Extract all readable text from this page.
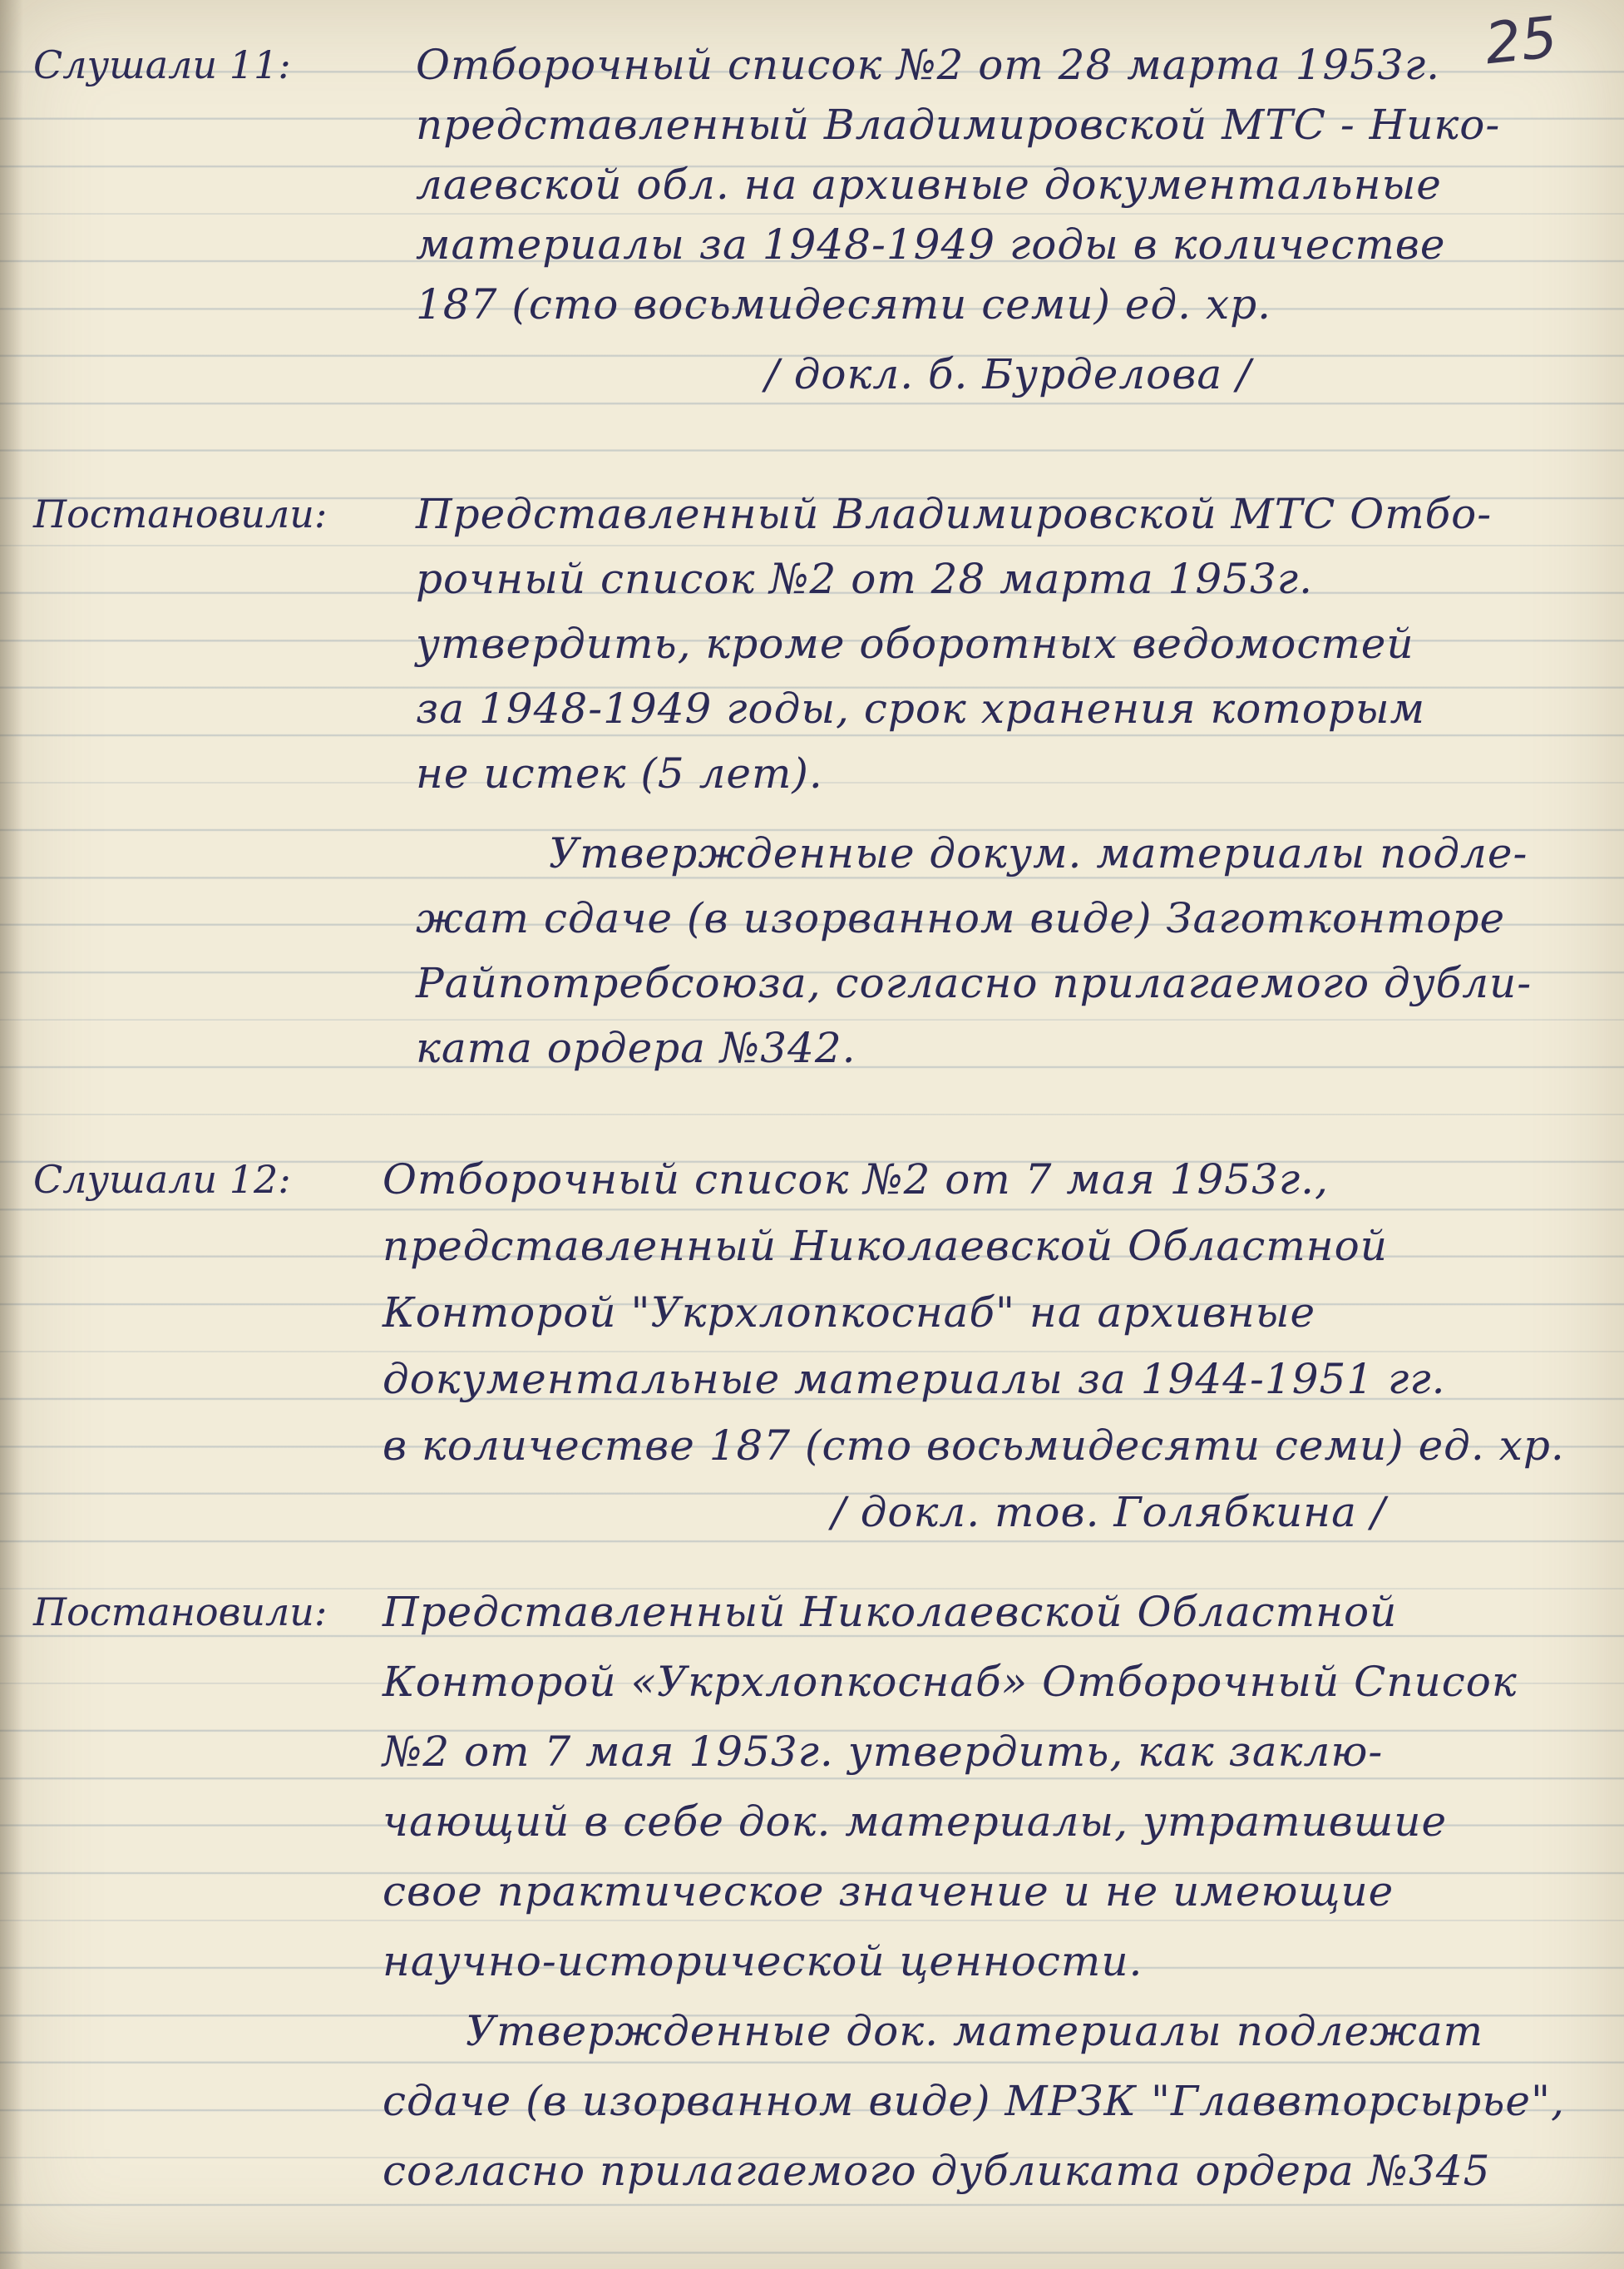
25
Слушали 11:	Отборочный список №2 от 28 марта 1953г.
представленный Владимировской МТС - Нико-
лаевской обл. на архивные документальные
материалы за 1948-1949 годы в количестве
187 (сто восьмидесяти семи) ед. хр.
/ докл. б. Бурделова /
Постановили: Представленный Владимировской МТС Отбо-
рочный список №2 от 28 марта 1953г.
утвердить, кроме оборотных ведомостей
за 1948-1949 годы, срок хранения которым
не истек (5 лет).
Утвержденные докум. материалы подле-
жат сдаче (в изорванном виде) Заготконторе
Райпотребсоюза, согласно прилагаемого дубли-
ката ордера №342.
Слушали 12: Отборочный список №2 от 7 мая 1953г.,
представленный Николаевской Областной
Конторой "Укрхлопкоснаб" на архивные
документальные материалы за 1944-1951 гг.
в количестве 187 (сто восьмидесяти семи) ед. хр.
/ докл. тов. Голябкина /
Постановили: Представленный Николаевской Областной
Конторой «Укрхлопкоснаб» Отборочный Список
№2 от 7 мая 1953г. утвердить, как заклю-
чающий в себе док. материалы, утратившие
свое практическое значение и не имеющие
научно-исторической ценности.
Утвержденные док. материалы подлежат
сдаче (в изорванном виде) МРЗК "Главвторсырье",
согласно прилагаемого дубликата ордера №345
